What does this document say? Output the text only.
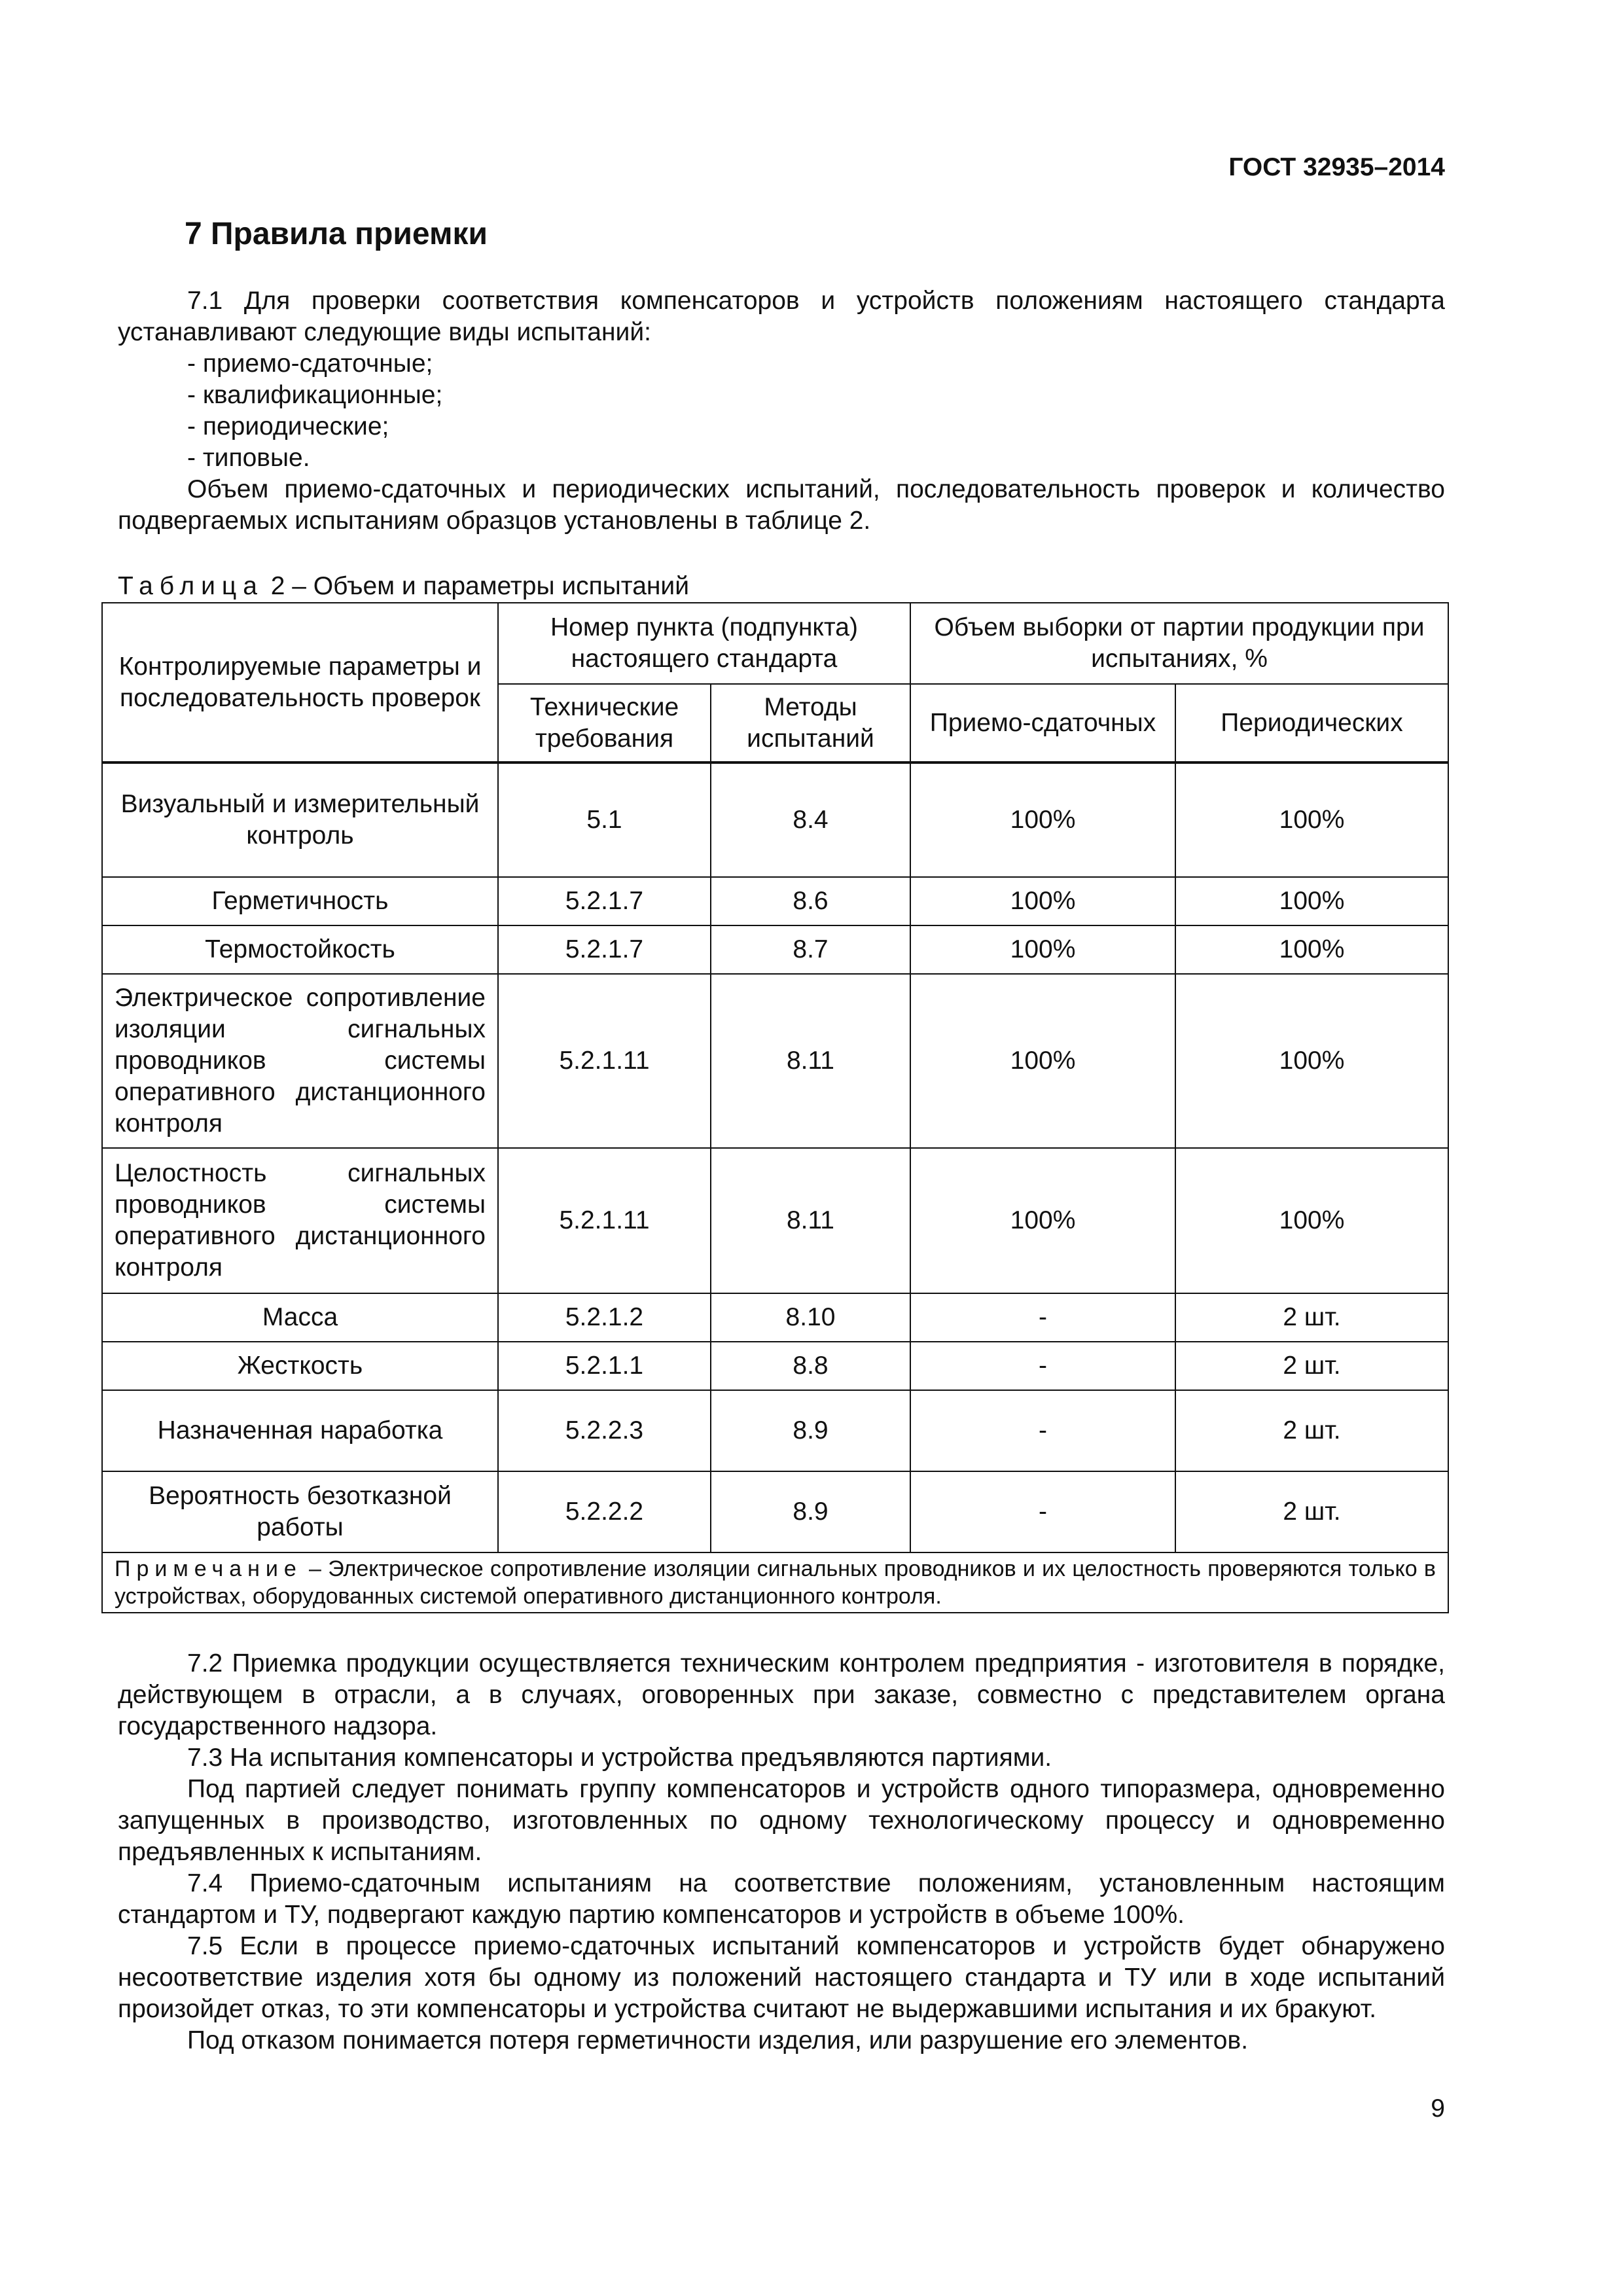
ГОСТ 32935–2014
7 Правила приемки

7.1 Для проверки соответствия компенсаторов и устройств положениям настоящего стандарта устанавливают следующие виды испытаний:

- приемо-сдаточные;

- квалификационные;

- периодические;

- типовые.

Объем приемо-сдаточных и периодических испытаний, последовательность проверок и количество подвергаемых испытаниям образцов установлены в таблице 2.

Таблица 2 – Объем и параметры испытаний
Контролируемые параметры и последовательность проверок	Номер пункта (подпункта) настоящего стандарта		Объем выборки от партии продукции при испытаниях, %	
	Технические требования	Методы испытаний	Приемо-сдаточных	Периодических
Визуальный и измерительный контроль	5.1	8.4	100%	100%
Герметичность	5.2.1.7	8.6	100%	100%
Термостойкость	5.2.1.7	8.7	100%	100%
Электрическое сопротивление изоляции сигнальных проводников системы оперативного дистанционного контроля	5.2.1.11	8.11	100%	100%
Целостность сигнальных проводников системы оперативного дистанционного контроля	5.2.1.11	8.11	100%	100%
Масса	5.2.1.2	8.10	-	2 шт.
Жесткость	5.2.1.1	8.8	-	2 шт.
Назначенная наработка	5.2.2.3	8.9	-	2 шт.
Вероятность безотказной работы	5.2.2.2	8.9	-	2 шт.
Примечание – Электрическое сопротивление изоляции сигнальных проводников и их целостность проверяются только в устройствах, оборудованных системой оперативного дистанционного контроля.				

7.2 Приемка продукции осуществляется техническим контролем предприятия - изготовителя в порядке, действующем в отрасли, а в случаях, оговоренных при заказе, совместно с представителем органа государственного надзора.

7.3 На испытания компенсаторы и устройства предъявляются партиями.

Под партией следует понимать группу компенсаторов и устройств одного типоразмера, одновременно запущенных в производство, изготовленных по одному технологическому процессу и одновременно предъявленных к испытаниям.

7.4 Приемо-сдаточным испытаниям на соответствие положениям, установленным настоящим стандартом и ТУ, подвергают каждую партию компенсаторов и устройств в объеме 100%.

7.5 Если в процессе приемо-сдаточных испытаний компенсаторов и устройств будет обнаружено несоответствие изделия хотя бы одному из положений настоящего стандарта и ТУ или в ходе испытаний произойдет отказ, то эти компенсаторы и устройства считают не выдержавшими испытания и их бракуют.

Под отказом понимается потеря герметичности изделия, или разрушение его элементов.

9
